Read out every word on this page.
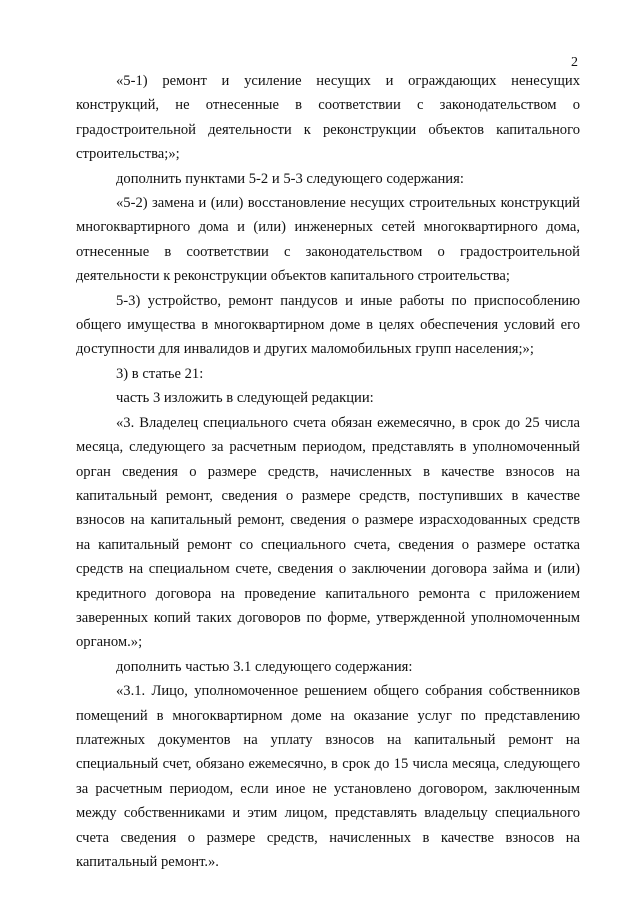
2

«5-1) ремонт и усиление несущих и ограждающих ненесущих конструкций, не отнесенные в соответствии с законодательством о градостроительной деятельности к реконструкции объектов капитального строительства;»;

дополнить пунктами 5-2 и 5-3 следующего содержания:

«5-2) замена и (или) восстановление несущих строительных конструкций многоквартирного дома и (или) инженерных сетей многоквартирного дома, отнесенные в соответствии с законодательством о градостроительной деятельности к реконструкции объектов капитального строительства;

5-3) устройство, ремонт пандусов и иные работы по приспособлению общего имущества в многоквартирном доме в целях обеспечения условий его доступности для инвалидов и других маломобильных групп населения;»;

3) в статье 21:

часть 3 изложить в следующей редакции:

«3. Владелец специального счета обязан ежемесячно, в срок до 25 числа месяца, следующего за расчетным периодом, представлять в уполномоченный орган сведения о размере средств, начисленных в качестве взносов на капитальный ремонт, сведения о размере средств, поступивших в качестве взносов на капитальный ремонт, сведения о размере израсходованных средств на капитальный ремонт со специального счета, сведения о размере остатка средств на специальном счете, сведения о заключении договора займа и (или) кредитного договора на проведение капитального ремонта с приложением заверенных копий таких договоров по форме, утвержденной уполномоченным органом.»;

дополнить частью 3.1 следующего содержания:

«3.1. Лицо, уполномоченное решением общего собрания собственников помещений в многоквартирном доме на оказание услуг по представлению платежных документов на уплату взносов на капитальный ремонт на специальный счет, обязано ежемесячно, в срок до 15 числа месяца, следующего за расчетным периодом, если иное не установлено договором, заключенным между собственниками и этим лицом, представлять владельцу специального счета сведения о размере средств, начисленных в качестве взносов на капитальный ремонт.».
